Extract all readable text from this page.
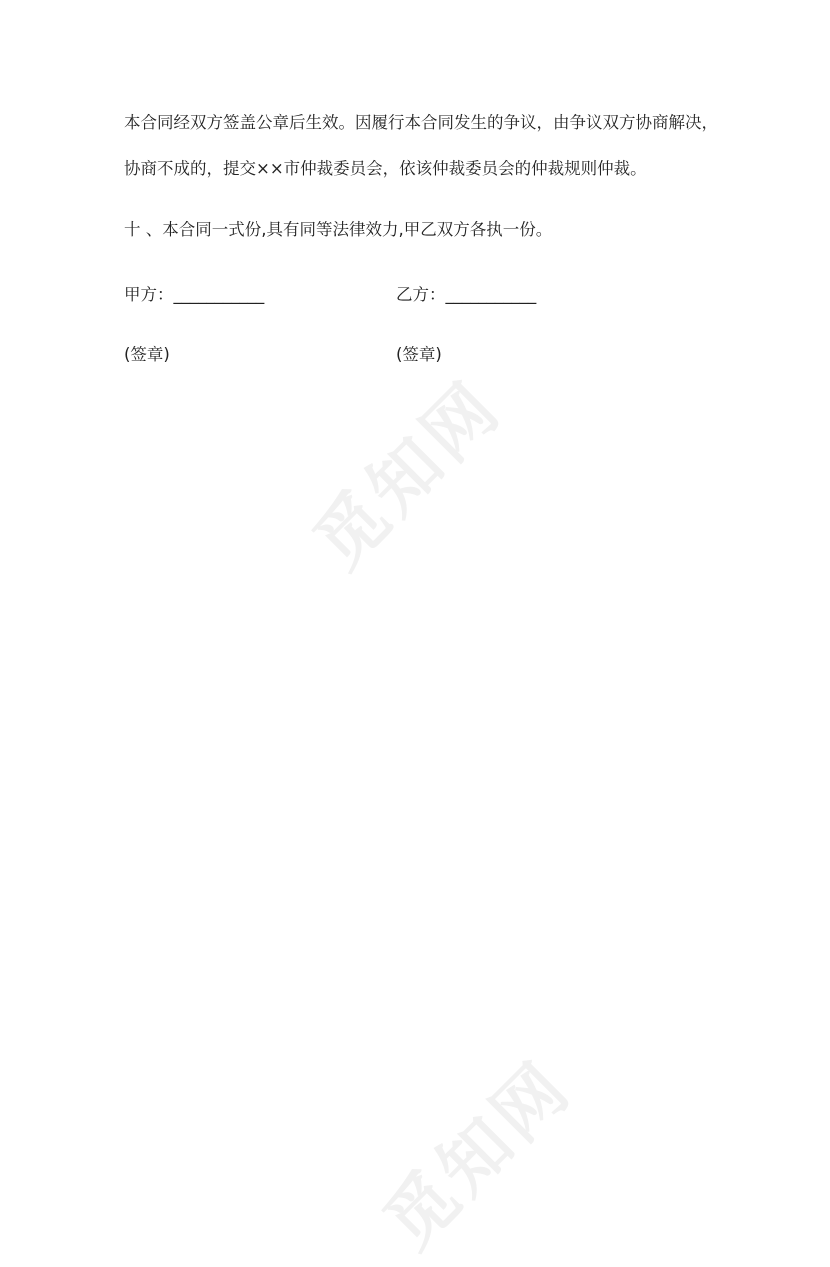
觅知网
觅知网
本合同经双方签盖公章后生效。因履行本合同发生的争议，由争议双方协商解决，
协商不成的，提交××市仲裁委员会，依该仲裁委员会的仲裁规则仲裁。
十 、本合同一式份,具有同等法律效力,甲乙双方各执一份。
甲方：___________	乙方：___________
(签章)	(签章)
